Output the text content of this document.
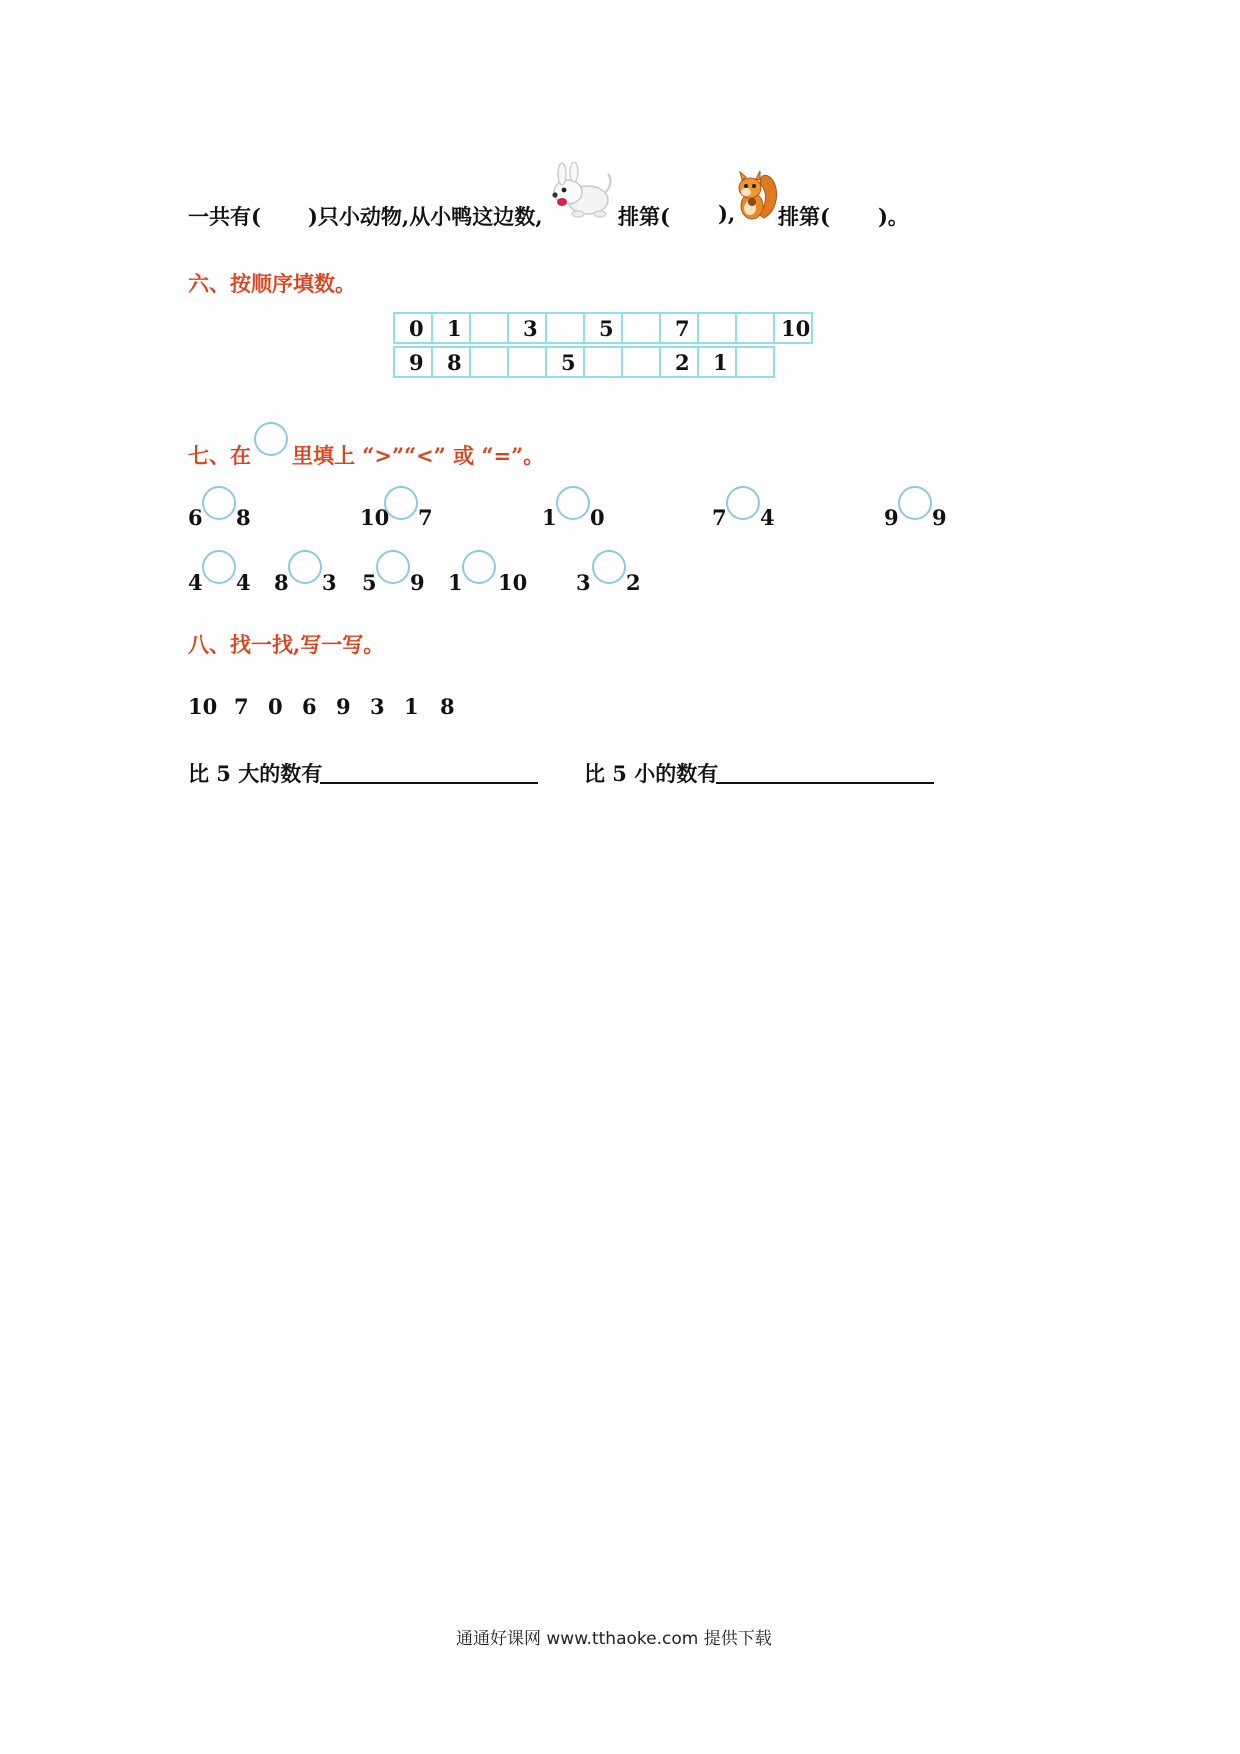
一共有( )只小动物,从小鸭这边数,	排第( ), 排第( )。
六、按顺序填数。
0	1		3		5		7			10
9	8			5			2	1	
七、在 里填上 “>”“<” 或 “=”。
6 8	10 7	1 0	7 4	9 9
4 4 8 3 5 9 1 10 3 2
八、找一找,写一写。
10 7 0 6 9 3 1 8
比 5 大的数有	比 5 小的数有
通通好课网 www.tthaoke.com 提供下载
